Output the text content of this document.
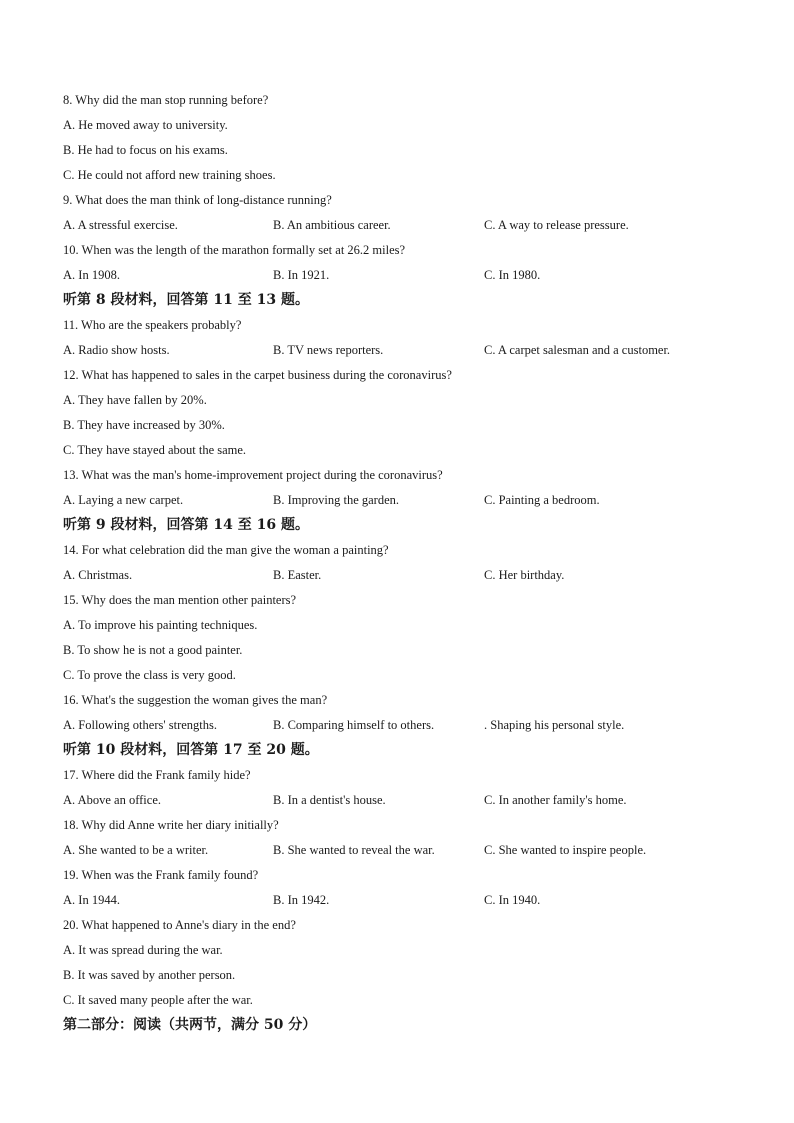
8. Why did the man stop running before?
A. He moved away to university.
B. He had to focus on his exams.
C. He could not afford new training shoes.
9. What does the man think of long-distance running?
A. A stressful exercise.	B. An ambitious career.	C. A way to release pressure.
10. When was the length of the marathon formally set at 26.2 miles?
A. In 1908.	B. In 1921.	C. In 1980.
听第 8 段材料，回答第 11 至 13 题。
11. Who are the speakers probably?
A. Radio show hosts.	B. TV news reporters.	C. A carpet salesman and a customer.
12. What has happened to sales in the carpet business during the coronavirus?
A. They have fallen by 20%.
B. They have increased by 30%.
C. They have stayed about the same.
13. What was the man's home-improvement project during the coronavirus?
A. Laying a new carpet.	B. Improving the garden.	C. Painting a bedroom.
听第 9 段材料，回答第 14 至 16 题。
14. For what celebration did the man give the woman a painting?
A. Christmas.	B. Easter.	C. Her birthday.
15. Why does the man mention other painters?
A. To improve his painting techniques.
B. To show he is not a good painter.
C. To prove the class is very good.
16. What's the suggestion the woman gives the man?
A. Following others' strengths.	B. Comparing himself to others.	. Shaping his personal style.
听第 10 段材料，回答第 17 至 20 题。
17. Where did the Frank family hide?
A. Above an office.	B. In a dentist's house.	C. In another family's home.
18. Why did Anne write her diary initially?
A. She wanted to be a writer.	B. She wanted to reveal the war.	C. She wanted to inspire people.
19. When was the Frank family found?
A. In 1944.	B. In 1942.	C. In 1940.
20. What happened to Anne's diary in the end?
A. It was spread during the war.
B. It was saved by another person.
C. It saved many people after the war.
第二部分：阅读（共两节，满分 50 分）
